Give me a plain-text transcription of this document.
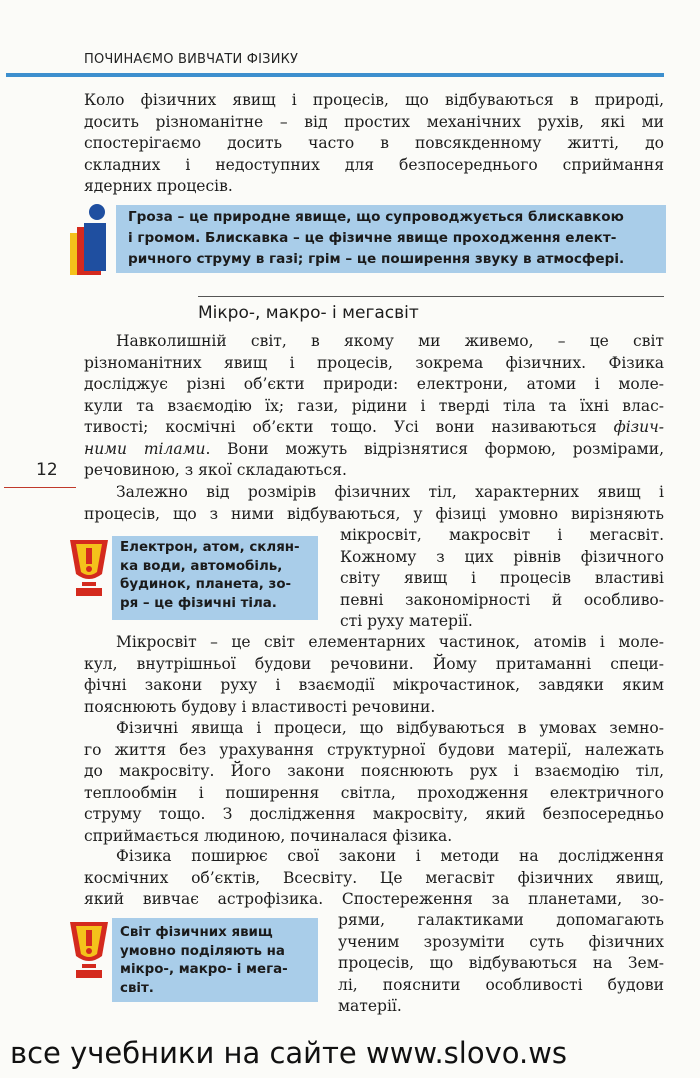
ПОЧИНАЄМО ВИВЧАТИ ФІЗИКУ
Коло фізичних явищ і процесів, що відбуваються в природі,
досить різноманітне – від простих механічних рухів, які ми
спостерігаємо досить часто в повсякденному житті, до
складних і недоступних для безпосереднього сприймання
ядерних процесів.
Гроза – це природне явище, що супроводжується блискавкою
і громом. Блискавка – це фізичне явище проходження елект-
ричного струму в газі; грім – це поширення звуку в атмосфері.
Мікро-, макро- і мегасвіт
Навколишній світ, в якому ми живемо, – це світ
різноманітних явищ і процесів, зокрема фізичних. Фізика
досліджує різні об’єкти природи: електрони, атоми і моле-
кули та взаємодію їх; гази, рідини і тверді тіла та їхні влас-
тивості; космічні об’єкти тощо. Усі вони називаються фізич-
ними тілами. Вони можуть відрізнятися формою, розмірами,
речовиною, з якої складаються.
12
Залежно від розмірів фізичних тіл, характерних явищ і
процесів, що з ними відбуваються, у фізиці умовно вирізняють
мікросвіт, макросвіт і мегасвіт.
Кожному з цих рівнів фізичного
світу явищ і процесів властиві
певні закономірності й особливо-
сті руху матерії.
Електрон, атом, склян-
ка води, автомобіль,
будинок, планета, зо-
ря – це фізичні тіла.
Мікросвіт – це світ елементарних частинок, атомів і моле-
кул, внутрішньої будови речовини. Йому притаманні специ-
фічні закони руху і взаємодії мікрочастинок, завдяки яким
пояснюють будову і властивості речовини.
Фізичні явища і процеси, що відбуваються в умовах земно-
го життя без урахування структурної будови матерії, належать
до макросвіту. Його закони пояснюють рух і взаємодію тіл,
теплообмін і поширення світла, проходження електричного
струму тощо. З дослідження макросвіту, який безпосередньо
сприймається людиною, починалася фізика.
Фізика поширює свої закони і методи на дослідження
космічних об’єктів, Всесвіту. Це мегасвіт фізичних явищ,
який вивчає астрофізика. Спостереження за планетами, зо-
рями, галактиками допомагають
ученим зрозуміти суть фізичних
процесів, що відбуваються на Зем-
лі, пояснити особливості будови
матерії.
Світ фізичних явищ
умовно поділяють на
мікро-, макро- і мега-
світ.
все учебники на сайте www.slovo.ws
